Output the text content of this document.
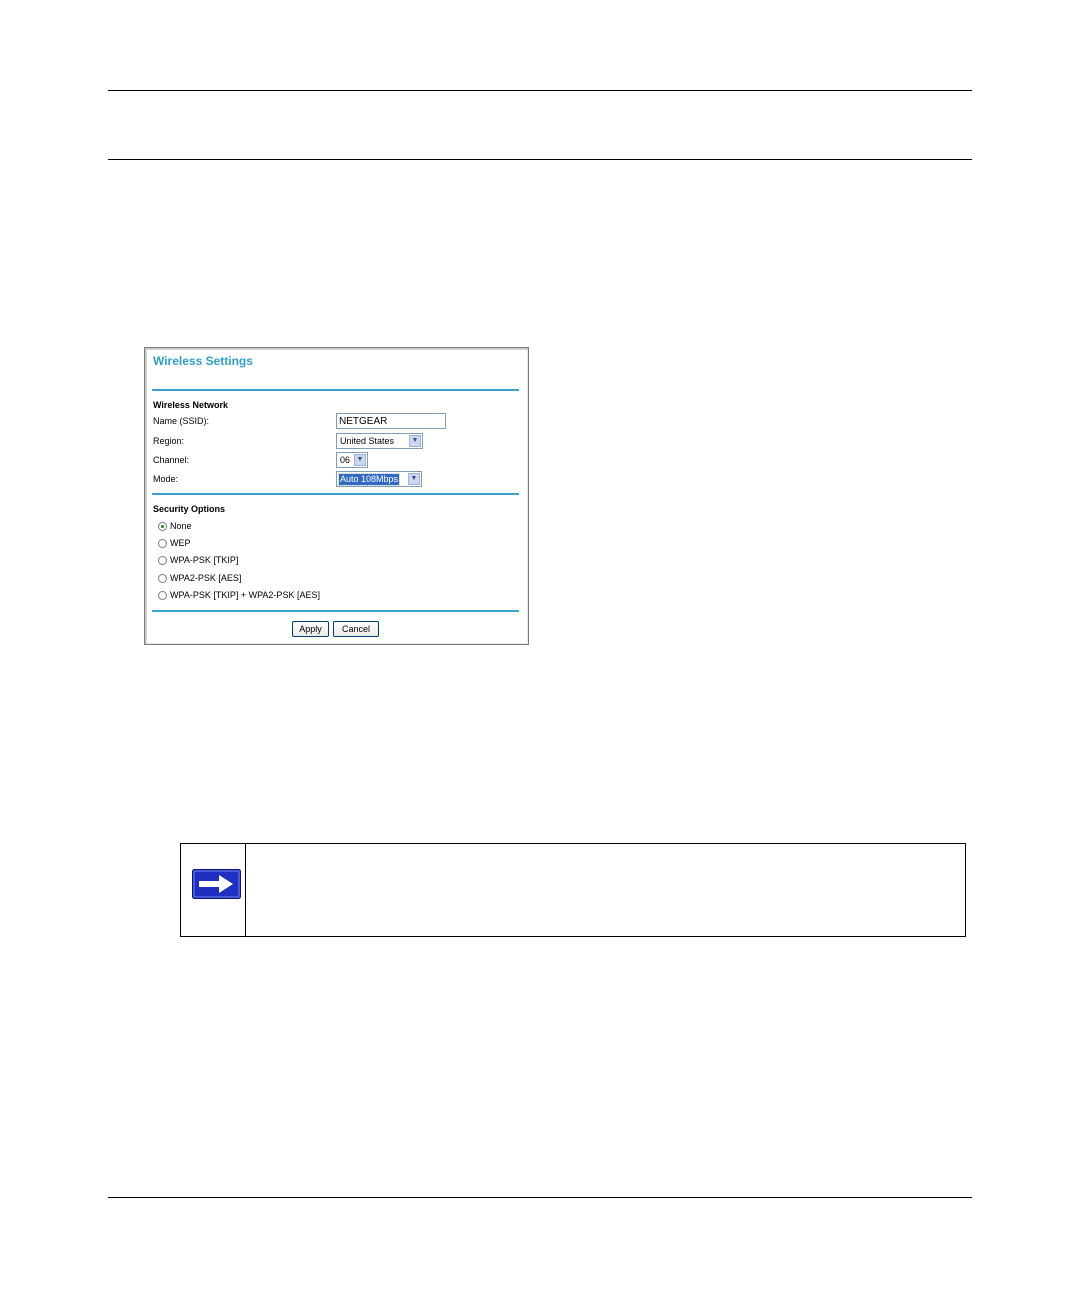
Wireless Settings
Wireless Network
Name (SSID):
NETGEAR
Region:	United States	▼
Channel:	06 ▼
Mode:	Auto 108Mbps	▼
Security Options
None
WEP
WPA-PSK [TKIP]
WPA2-PSK [AES]
WPA-PSK [TKIP] + WPA2-PSK [AES]
Apply	Cancel
